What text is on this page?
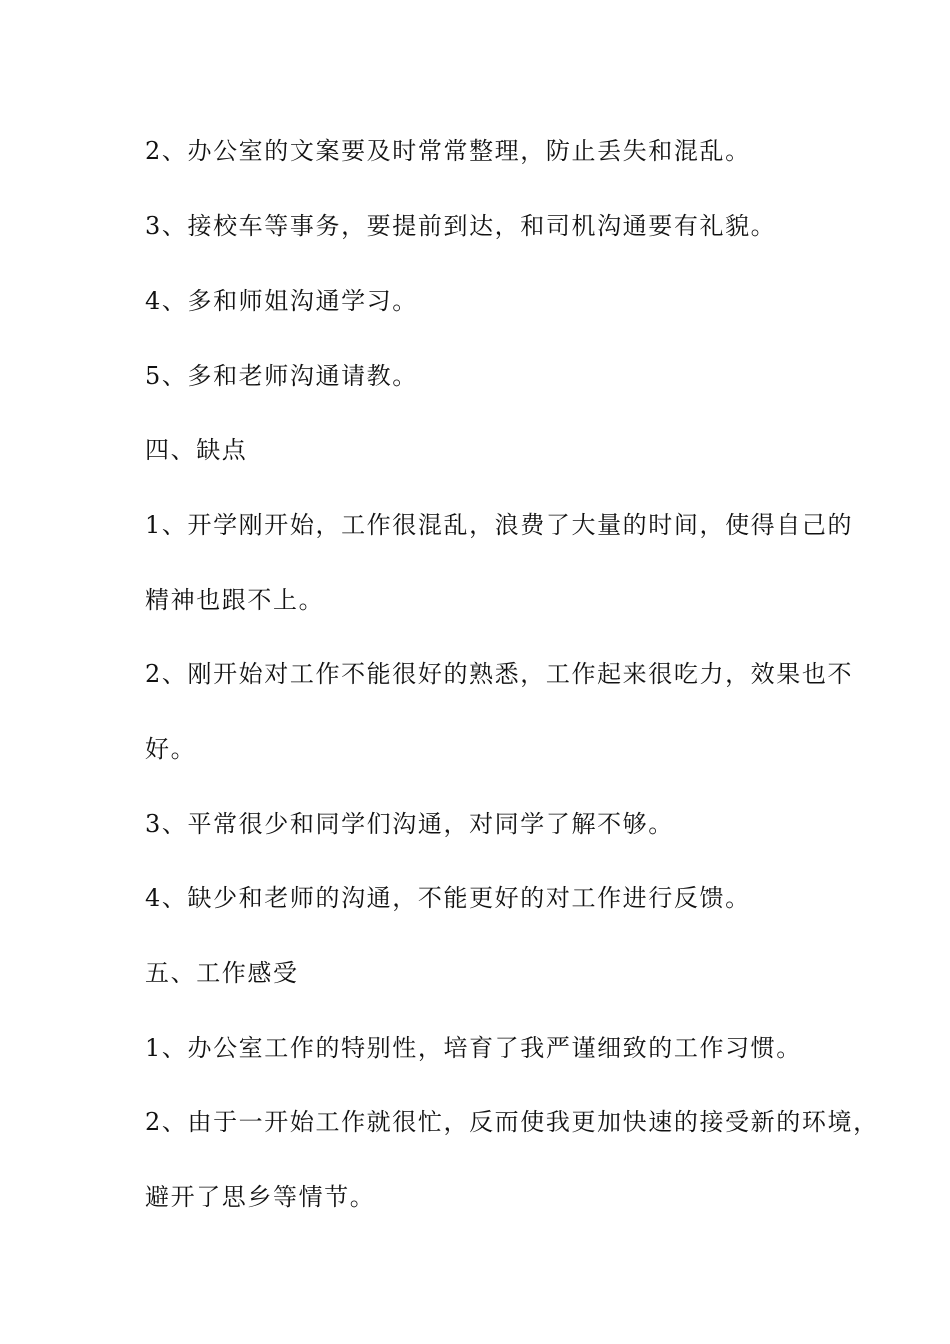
2、办公室的文案要及时常常整理，防止丢失和混乱。

3、接校车等事务，要提前到达，和司机沟通要有礼貌。

4、多和师姐沟通学习。

5、多和老师沟通请教。

四、缺点

1、开学刚开始，工作很混乱，浪费了大量的时间，使得自己的

精神也跟不上。

2、刚开始对工作不能很好的熟悉，工作起来很吃力，效果也不

好。

3、平常很少和同学们沟通，对同学了解不够。

4、缺少和老师的沟通，不能更好的对工作进行反馈。

五、工作感受

1、办公室工作的特别性，培育了我严谨细致的工作习惯。

2、由于一开始工作就很忙，反而使我更加快速的接受新的环境，

避开了思乡等情节。
